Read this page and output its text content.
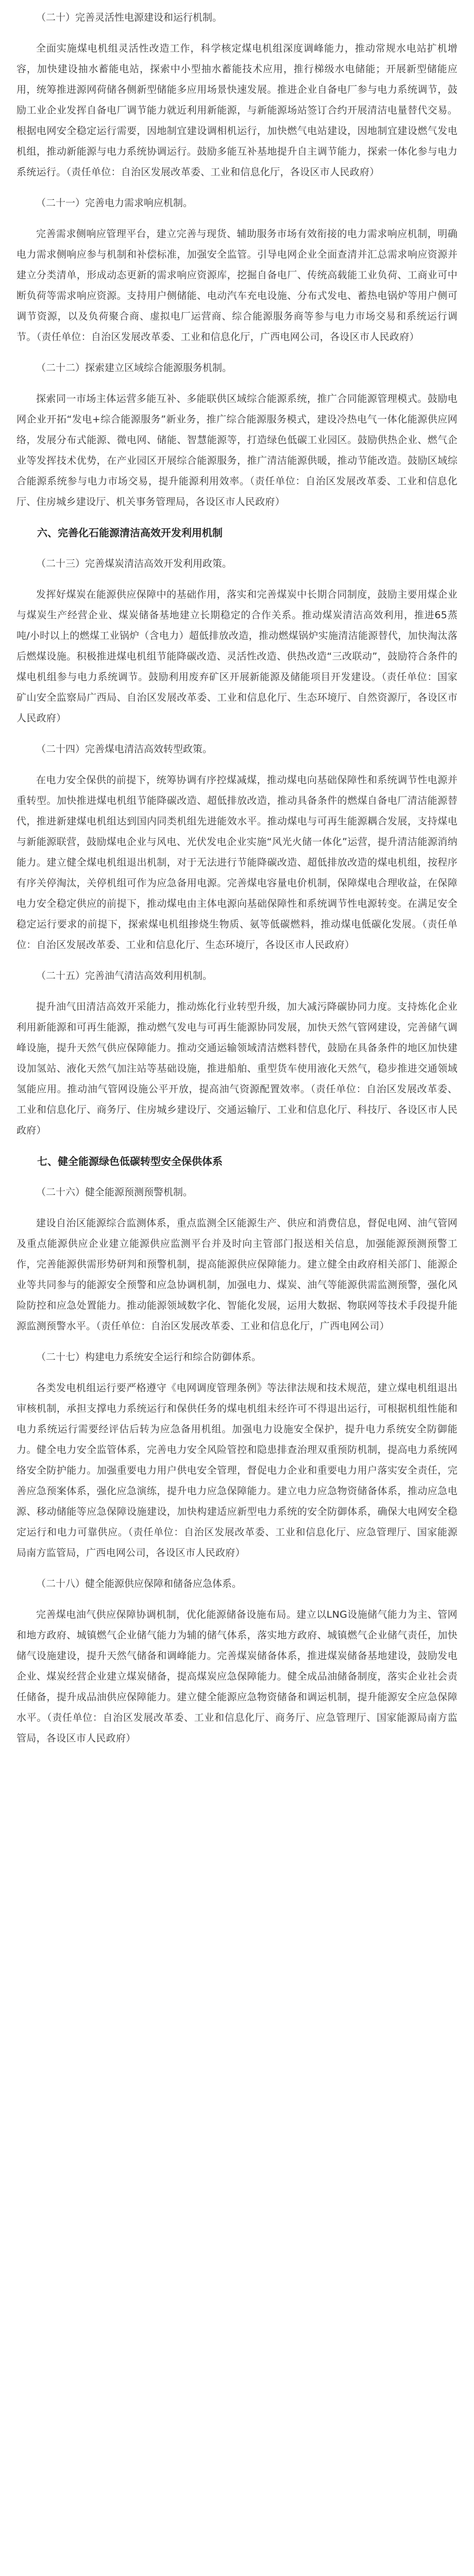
（二十）完善灵活性电源建设和运行机制。

全面实施煤电机组灵活性改造工作，科学核定煤电机组深度调峰能力，推动常规水电站扩机增容，加快建设抽水蓄能电站，探索中小型抽水蓄能技术应用，推行梯级水电储能；开展新型储能应用，统筹推进源网荷储各侧新型储能多应用场景快速发展。推进企业自备电厂参与电力系统调节，鼓励工业企业发挥自备电厂调节能力就近利用新能源，与新能源场站签订合约开展清洁电量替代交易。根据电网安全稳定运行需要，因地制宜建设调相机运行，加快燃气电站建设，因地制宜建设燃气发电机组，推动新能源与电力系统协调运行。鼓励多能互补基地提升自主调节能力，探索一体化参与电力系统运行。（责任单位：自治区发展改革委、工业和信息化厅，各设区市人民政府）

（二十一）完善电力需求响应机制。

完善需求侧响应管理平台，建立完善与现货、辅助服务市场有效衔接的电力需求响应机制，明确电力需求侧响应参与机制和补偿标准，加强安全监管。引导电网企业全面查清并汇总需求响应资源并建立分类清单，形成动态更新的需求响应资源库，挖掘自备电厂、传统高载能工业负荷、工商业可中断负荷等需求响应资源。支持用户侧储能、电动汽车充电设施、分布式发电、蓄热电锅炉等用户侧可调节资源，以及负荷聚合商、虚拟电厂运营商、综合能源服务商等参与电力市场交易和系统运行调节。（责任单位：自治区发展改革委、工业和信息化厅，广西电网公司，各设区市人民政府）

（二十二）探索建立区域综合能源服务机制。

探索同一市场主体运营多能互补、多能联供区域综合能源系统，推广合同能源管理模式。鼓励电网企业开拓“发电+综合能源服务”新业务，推广综合能源服务模式，建设冷热电气一体化能源供应网络，发展分布式能源、微电网、储能、智慧能源等，打造绿色低碳工业园区。鼓励供热企业、燃气企业等发挥技术优势，在产业园区开展综合能源服务，推广清洁能源供暖，推动节能改造。鼓励区域综合能源系统参与电力市场交易，提升能源利用效率。（责任单位：自治区发展改革委、工业和信息化厅、住房城乡建设厅、机关事务管理局，各设区市人民政府）

六、完善化石能源清洁高效开发利用机制
（二十三）完善煤炭清洁高效开发利用政策。

发挥好煤炭在能源供应保障中的基础作用，落实和完善煤炭中长期合同制度，鼓励主要用煤企业与煤炭生产经营企业、煤炭储备基地建立长期稳定的合作关系。推动煤炭清洁高效利用，推进65蒸吨/小时以上的燃煤工业锅炉（含电力）超低排放改造，推动燃煤锅炉实施清洁能源替代，加快淘汰落后燃煤设施。积极推进煤电机组节能降碳改造、灵活性改造、供热改造“三改联动”，鼓励符合条件的煤电机组参与电力系统调节。鼓励利用废弃矿区开展新能源及储能项目开发建设。（责任单位：国家矿山安全监察局广西局、自治区发展改革委、工业和信息化厅、生态环境厅、自然资源厅，各设区市人民政府）

（二十四）完善煤电清洁高效转型政策。

在电力安全保供的前提下，统筹协调有序控煤减煤，推动煤电向基础保障性和系统调节性电源并重转型。加快推进煤电机组节能降碳改造、超低排放改造，推动具备条件的燃煤自备电厂清洁能源替代，推进新建煤电机组达到国内同类机组先进能效水平。推动煤电与可再生能源耦合发展，支持煤电与新能源联营，鼓励煤电企业与风电、光伏发电企业实施“风光火储一体化”运营，提升清洁能源消纳能力。建立健全煤电机组退出机制，对于无法进行节能降碳改造、超低排放改造的煤电机组，按程序有序关停淘汰，关停机组可作为应急备用电源。完善煤电容量电价机制，保障煤电合理收益，在保障电力安全稳定供应的前提下，推动煤电由主体电源向基础保障性和系统调节性电源转变。在满足安全稳定运行要求的前提下，探索煤电机组掺烧生物质、氨等低碳燃料，推动煤电低碳化发展。（责任单位：自治区发展改革委、工业和信息化厅、生态环境厅，各设区市人民政府）

（二十五）完善油气清洁高效利用机制。

提升油气田清洁高效开采能力，推动炼化行业转型升级，加大减污降碳协同力度。支持炼化企业利用新能源和可再生能源，推动燃气发电与可再生能源协同发展，加快天然气管网建设，完善储气调峰设施，提升天然气供应保障能力。推动交通运输领域清洁燃料替代，鼓励在具备条件的地区加快建设加氢站、液化天然气加注站等基础设施，推进船舶、重型货车使用液化天然气，稳步推进交通领域氢能应用。推动油气管网设施公平开放，提高油气资源配置效率。（责任单位：自治区发展改革委、工业和信息化厅、商务厅、住房城乡建设厅、交通运输厅、工业和信息化厅、科技厅、各设区市人民政府）

七、健全能源绿色低碳转型安全保供体系
（二十六）健全能源预测预警机制。

建设自治区能源综合监测体系，重点监测全区能源生产、供应和消费信息，督促电网、油气管网及重点能源供应企业建立能源供应监测平台并及时向主管部门报送相关信息，加强能源预测预警工作，完善能源供需形势研判和预警机制，提高能源供应保障能力。建立健全由政府相关部门、能源企业等共同参与的能源安全预警和应急协调机制，加强电力、煤炭、油气等能源供需监测预警，强化风险防控和应急处置能力。推动能源领域数字化、智能化发展，运用大数据、物联网等技术手段提升能源监测预警水平。（责任单位：自治区发展改革委、工业和信息化厅，广西电网公司）

（二十七）构建电力系统安全运行和综合防御体系。

各类发电机组运行要严格遵守《电网调度管理条例》等法律法规和技术规范，建立煤电机组退出审核机制，承担支撑电力系统运行和保供任务的煤电机组未经许可不得退出运行，可根据机组性能和电力系统运行需要经评估后转为应急备用机组。加强电力设施安全保护，提升电力系统安全防御能力。健全电力安全监管体系，完善电力安全风险管控和隐患排查治理双重预防机制，提高电力系统网络安全防护能力。加强重要电力用户供电安全管理，督促电力企业和重要电力用户落实安全责任，完善应急预案体系，强化应急演练，提升电力应急保障能力。建立电力应急物资储备体系，推动应急电源、移动储能等应急保障设施建设，加快构建适应新型电力系统的安全防御体系，确保大电网安全稳定运行和电力可靠供应。（责任单位：自治区发展改革委、工业和信息化厅、应急管理厅、国家能源局南方监管局，广西电网公司，各设区市人民政府）

（二十八）健全能源供应保障和储备应急体系。

完善煤电油气供应保障协调机制，优化能源储备设施布局。建立以LNG设施储气能力为主、管网和地方政府、城镇燃气企业储气能力为辅的储气体系，落实地方政府、城镇燃气企业储气责任，加快储气设施建设，提升天然气储备和调峰能力。完善煤炭储备体系，推进煤炭储备基地建设，鼓励发电企业、煤炭经营企业建立煤炭储备，提高煤炭应急保障能力。健全成品油储备制度，落实企业社会责任储备，提升成品油供应保障能力。建立健全能源应急物资储备和调运机制，提升能源安全应急保障水平。（责任单位：自治区发展改革委、工业和信息化厅、商务厅、应急管理厅、国家能源局南方监管局，各设区市人民政府）
